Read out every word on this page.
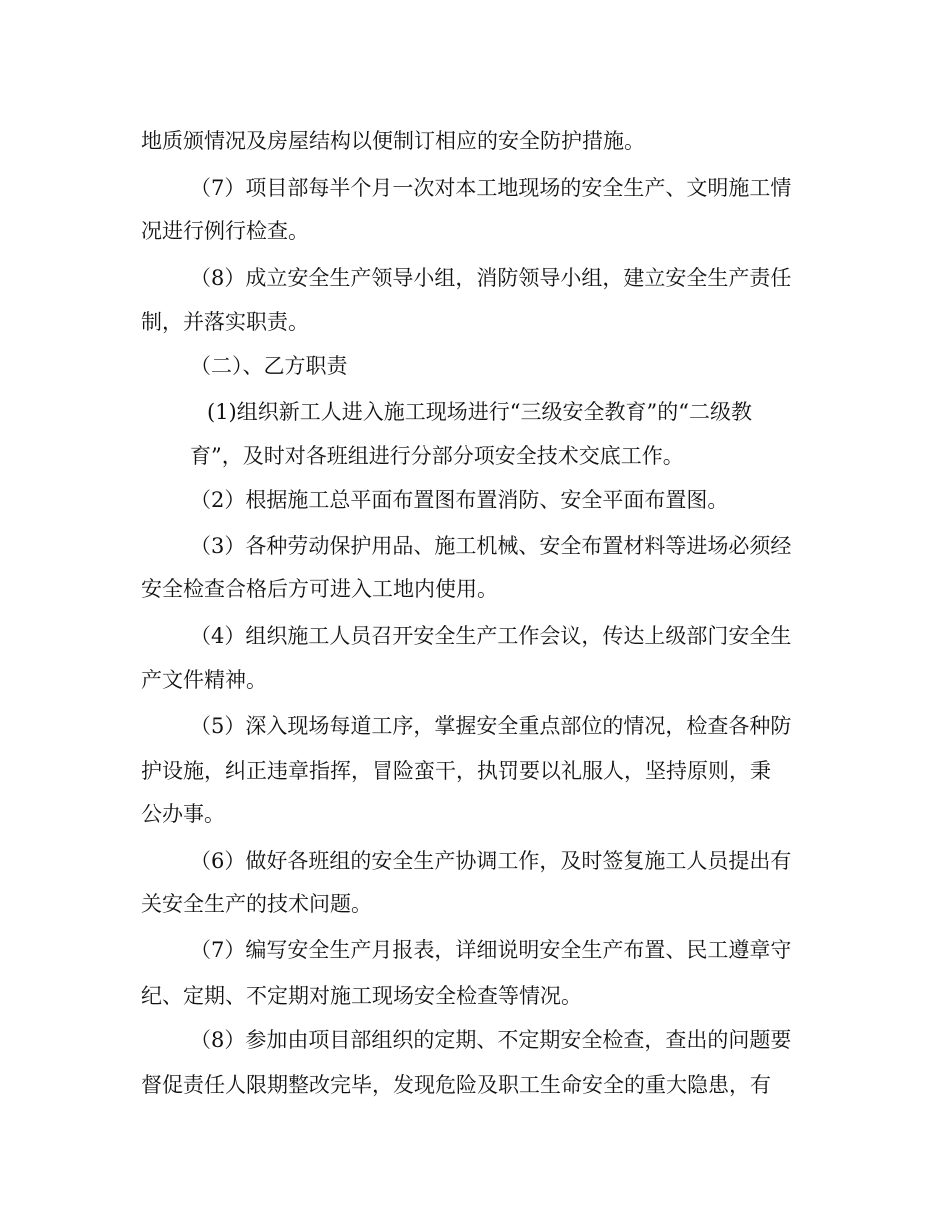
地质颁情况及房屋结构以便制订相应的安全防护措施。
（7）项目部每半个月一次对本工地现场的安全生产、文明施工情
况进行例行检查。
（8）成立安全生产领导小组，消防领导小组，建立安全生产责任
制，并落实职责。
（二）、乙方职责
(1)组织新工人进入施工现场进行“三级安全教育”的“二级教
育”，及时对各班组进行分部分项安全技术交底工作。
（2）根据施工总平面布置图布置消防、安全平面布置图。
（3）各种劳动保护用品、施工机械、安全布置材料等进场必须经
安全检查合格后方可进入工地内使用。
（4）组织施工人员召开安全生产工作会议，传达上级部门安全生
产文件精神。
（5）深入现场每道工序，掌握安全重点部位的情况，检查各种防
护设施，纠正违章指挥，冒险蛮干，执罚要以礼服人，坚持原则，秉
公办事。
（6）做好各班组的安全生产协调工作，及时签复施工人员提出有
关安全生产的技术问题。
（7）编写安全生产月报表，详细说明安全生产布置、民工遵章守
纪、定期、不定期对施工现场安全检查等情况。
（8）参加由项目部组织的定期、不定期安全检查，查出的问题要
督促责任人限期整改完毕，发现危险及职工生命安全的重大隐患，有
